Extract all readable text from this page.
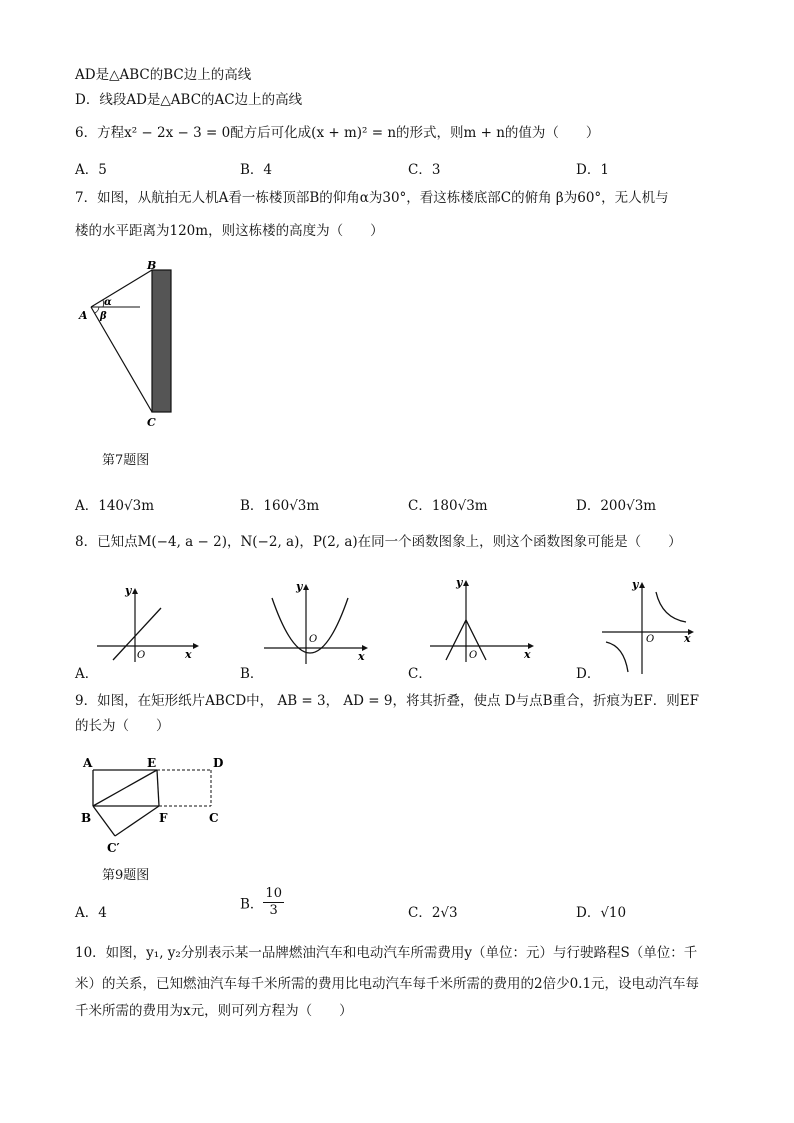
AD是△ABC的BC边上的高线
D．线段AD是△ABC的AC边上的高线
6．方程x² − 2x − 3 = 0配方后可化成(x + m)² = n的形式，则m + n的值为（　　）
A．5	B．4	C．3	D．1
7．如图，从航拍无人机A看一栋楼顶部B的仰角α为30°，看这栋楼底部C的俯角 β为60°，无人机与
楼的水平距离为120m，则这栋楼的高度为（　　）
B
A
α
β
C
第7题图
A．140√3m	B．160√3m	C．180√3m	D．200√3m
8．已知点M(−4, a − 2)，N(−2, a)，P(2, a)在同一个函数图象上，则这个函数图象可能是（　　）
y
x
O
A．
y
x
O
B．
y
x
O
C．
y
x
O
D．
9．如图，在矩形纸片ABCD中， AB = 3， AD = 9，将其折叠，使点 D与点B重合，折痕为EF．则EF
的长为（　　）
A	E	D
B	F	C
C′
第9题图
A．4
B． $\frac{10}{3}$	C．2√3	D．√10
10．如图，y₁, y₂分别表示某一品牌燃油汽车和电动汽车所需费用y（单位：元）与行驶路程S（单位：千
米）的关系，已知燃油汽车每千米所需的费用比电动汽车每千米所需的费用的2倍少0.1元，设电动汽车每
千米所需的费用为x元，则可列方程为（　　）
